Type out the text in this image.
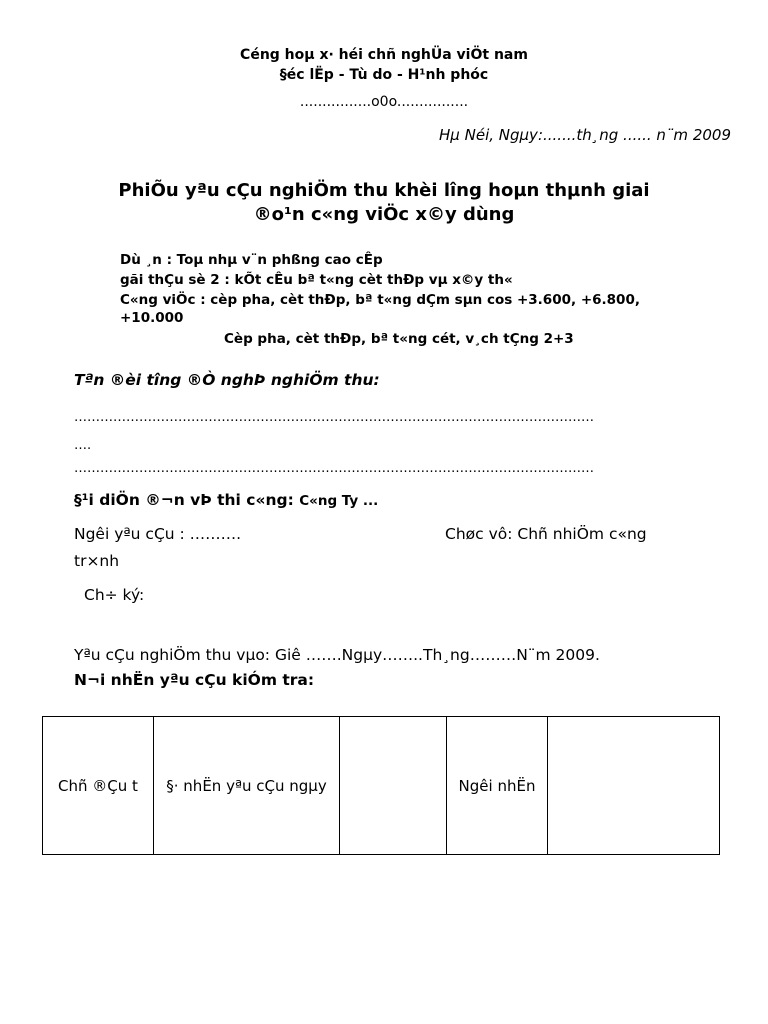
Céng hoµ x· héi chñ nghÜa viÖt nam
§éc lËp - Tù do - H¹nh phóc
................o0o................
Hµ Néi, Ngµy:.......th¸ng ...... n¨m 2009
PhiÕu yªu cÇu nghiÖm thu khèi lîng hoµn thµnh giai
®o¹n c«ng viÖc x©y dùng
Dù ¸n : Toµ nhµ v¨n phßng cao cÊp
gãi thÇu sè 2 : kÕt cÊu bª t«ng cèt thÐp vµ x©y th«
C«ng viÖc : cèp pha, cèt thÐp, bª t«ng dÇm sµn cos +3.600, +6.800,
+10.000
Cèp pha, cèt thÐp, bª t«ng cét, v¸ch tÇng 2+3
Tªn ®èi tîng ®Ò nghÞ nghiÖm thu:
…………………………………………………………………………………………………………
….
…………………………………………………………………………………………………………
§¹i diÖn ®¬n vÞ thi c«ng: C«ng Ty ...
Ngêi yªu cÇu : ……….	Chøc vô: Chñ nhiÖm c«ng
tr×nh
Ch÷ ký:
Yªu cÇu nghiÖm thu vµo: Giê …….Ngµy……..Th¸ng………N¨m 2009.
N¬i nhËn yªu cÇu kiÓm tra:
Chñ ®Çu t	§· nhËn yªu cÇu ngµy		Ngêi nhËn	
